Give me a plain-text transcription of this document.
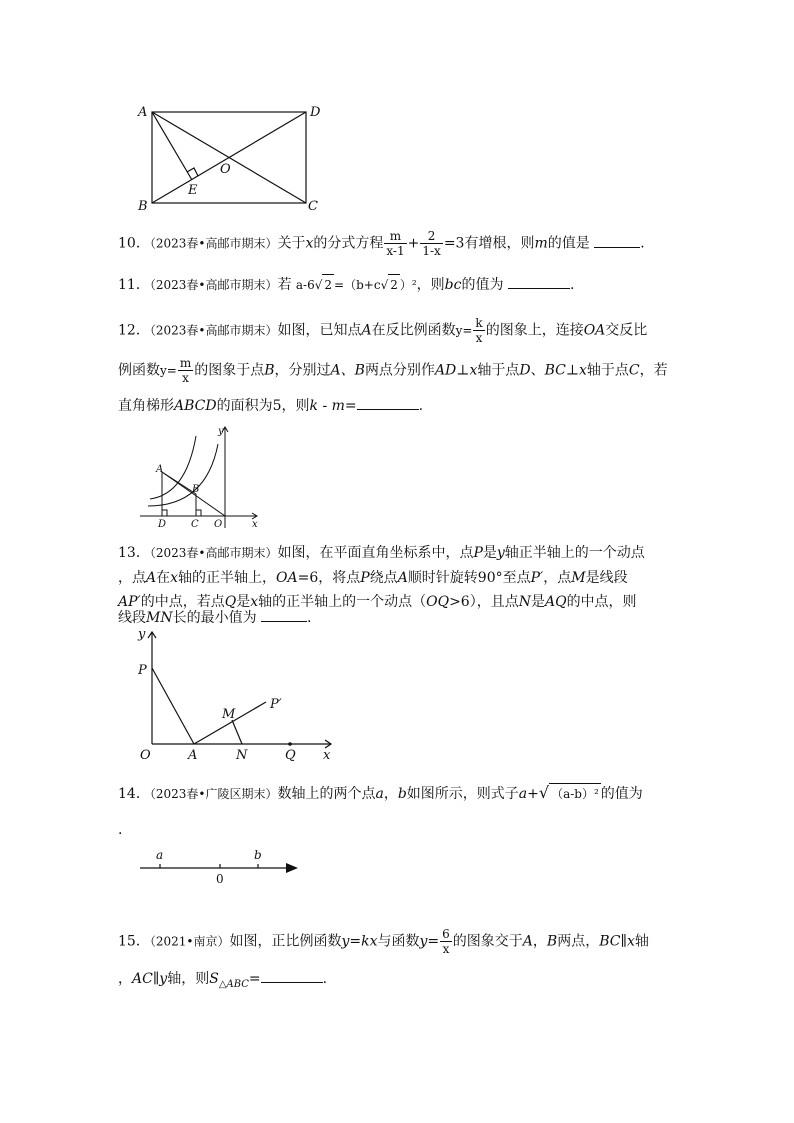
A	D
B	C
O
E
10．（2023春•高邮市期末）关于x的分式方程 $\frac{m}{x-1} + \frac{2}{1-x} =3$有增根，则m的值是	.
11．（2023春•高邮市期末）若 a-6√ 2 =（b+c√ 2 ）²，则bc的值为	.
12．（2023春•高邮市期末）如图，已知点A在反比例函数$y= \frac{k}{x}$ 的图象上，连接OA交反比
例函数$y= \frac{m}{x}$ 的图象于点B，分别过A、B两点分别作AD⊥x轴于点D、BC⊥x轴于点C，若
直角梯形ABCD的面积为5，则k - m=	.
y
A
B
D C O	x
13．（2023春•高邮市期末）如图，在平面直角坐标系中，点P是y轴正半轴上的一个动点
，点A在x轴的正半轴上，OA=6，将点P绕点A顺时针旋转90°至点P′，点M是线段
AP′的中点，若点Q是x轴的正半轴上的一个动点（OQ>6），且点N是AQ的中点，则
线段MN长的最小值为	.
y
P
M
P′
O	A	N	Q x
14．（2023春•广陵区期末）数轴上的两个点a，b如图所示，则式子a+√ （a-b）² 的值为
.
a	b
0
15．（2021•南京）如图，正比例函数y=kx与函数$y= \frac{6}{x}$ 的图象交于A，B两点，BC∥x轴
，AC∥y轴，则$S_{\triangle ABC}=$	.
